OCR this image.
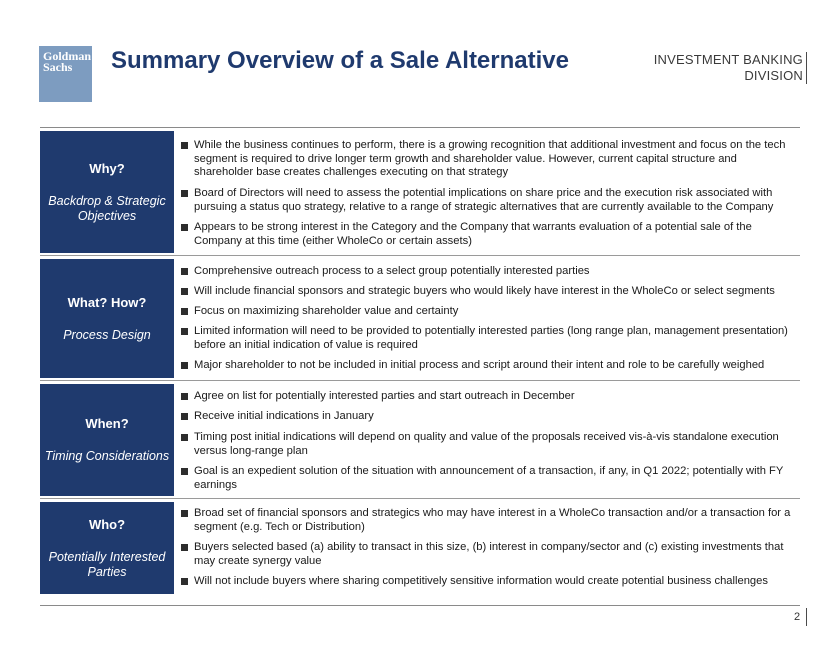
Goldman
Sachs	Summary Overview of a Sale Alternative	INVESTMENT BANKING
DIVISION
Why?
Backdrop & Strategic Objectives
While the business continues to perform, there is a growing recognition that additional investment and focus on the tech segment is required to drive longer term growth and shareholder value. However, current capital structure and shareholder base creates challenges executing on that strategy
Board of Directors will need to assess the potential implications on share price and the execution risk associated with pursuing a status quo strategy, relative to a range of strategic alternatives that are currently available to the Company
Appears to be strong interest in the Category and the Company that warrants evaluation of a potential sale of the Company at this time (either WholeCo or certain assets)
What? How?
Process Design
Comprehensive outreach process to a select group potentially interested parties
Will include financial sponsors and strategic buyers who would likely have interest in the WholeCo or select segments
Focus on maximizing shareholder value and certainty
Limited information will need to be provided to potentially interested parties (long range plan, management presentation) before an initial indication of value is required
Major shareholder to not be included in initial process and script around their intent and role to be carefully weighed
When?
Timing Considerations
Agree on list for potentially interested parties and start outreach in December
Receive initial indications in January
Timing post initial indications will depend on quality and value of the proposals received vis-à-vis standalone execution versus long-range plan
Goal is an expedient solution of the situation with announcement of a transaction, if any, in Q1 2022; potentially with FY earnings
Who?
Potentially Interested Parties
Broad set of financial sponsors and strategics who may have interest in a WholeCo transaction and/or a transaction for a segment (e.g. Tech or Distribution)
Buyers selected based (a) ability to transact in this size, (b) interest in company/sector and (c) existing investments that may create synergy value
Will not include buyers where sharing competitively sensitive information would create potential business challenges
2
